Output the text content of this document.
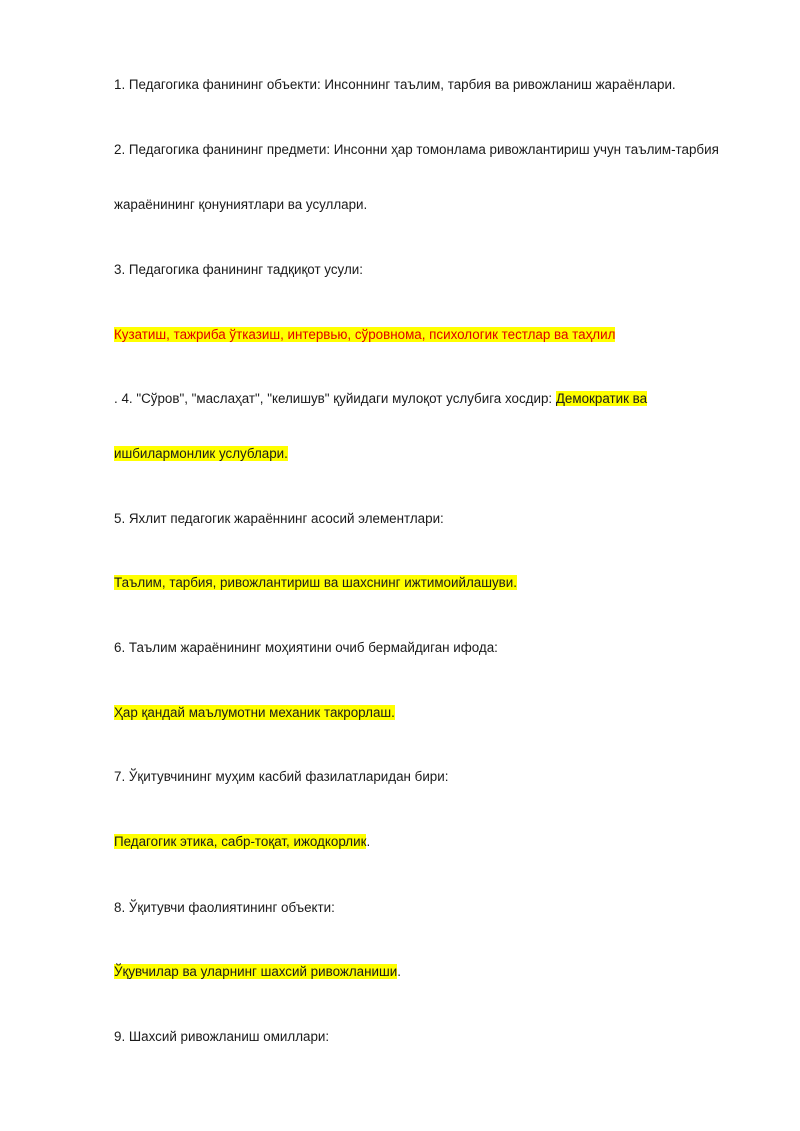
1. Педагогика фанининг объекти: Инсоннинг таълим, тарбия ва ривожланиш жараёнлари.
2. Педагогика фанининг предмети: Инсонни ҳар томонлама ривожлантириш учун таълим-тарбия
жараёнининг қонуниятлари ва усуллари.
3. Педагогика фанининг тадқиқот усули:
Кузатиш, тажриба ўтказиш, интервью, сўровнома, психологик тестлар ва таҳлил
. 4. "Сўров", "маслаҳат", "келишув" қуйидаги мулоқот услубига хосдир: Демократик ва
ишбилармонлик услублари.
5. Яхлит педагогик жараённинг асосий элементлари:
Таълим, тарбия, ривожлантириш ва шахснинг ижтимоийлашуви.
6. Таълим жараёнининг моҳиятини очиб бермайдиган ифода:
Ҳар қандай маълумотни механик такрорлаш.
7. Ўқитувчининг муҳим касбий фазилатларидан бири:
Педагогик этика, сабр-тоқат, ижодкорлик.
8. Ўқитувчи фаолиятининг объекти:
Ўқувчилар ва уларнинг шахсий ривожланиши.
9. Шахсий ривожланиш омиллари:
